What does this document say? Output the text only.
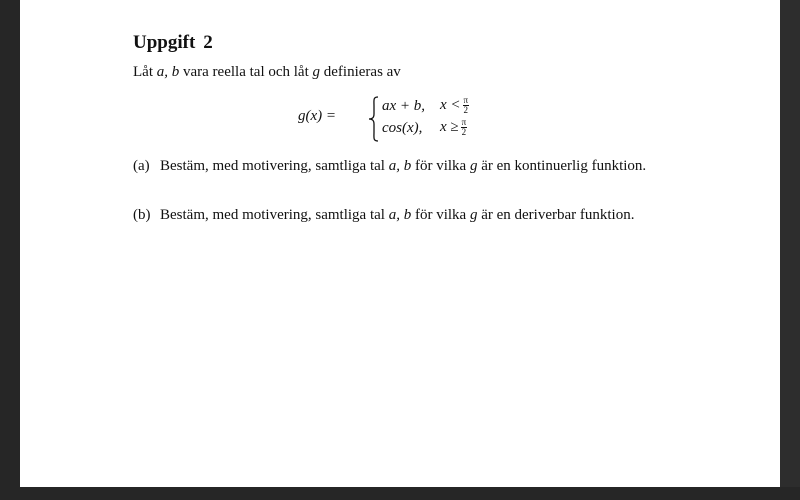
Uppgift 2
Låt a, b vara reella tal och låt g definieras av
g(x) =
ax + b, $x < \frac{\pi}{2}$
cos(x), $x \ge \frac{\pi}{2}$
(a) Bestäm, med motivering, samtliga tal a, b för vilka g är en kontinuerlig funktion.
(b) Bestäm, med motivering, samtliga tal a, b för vilka g är en deriverbar funktion.
